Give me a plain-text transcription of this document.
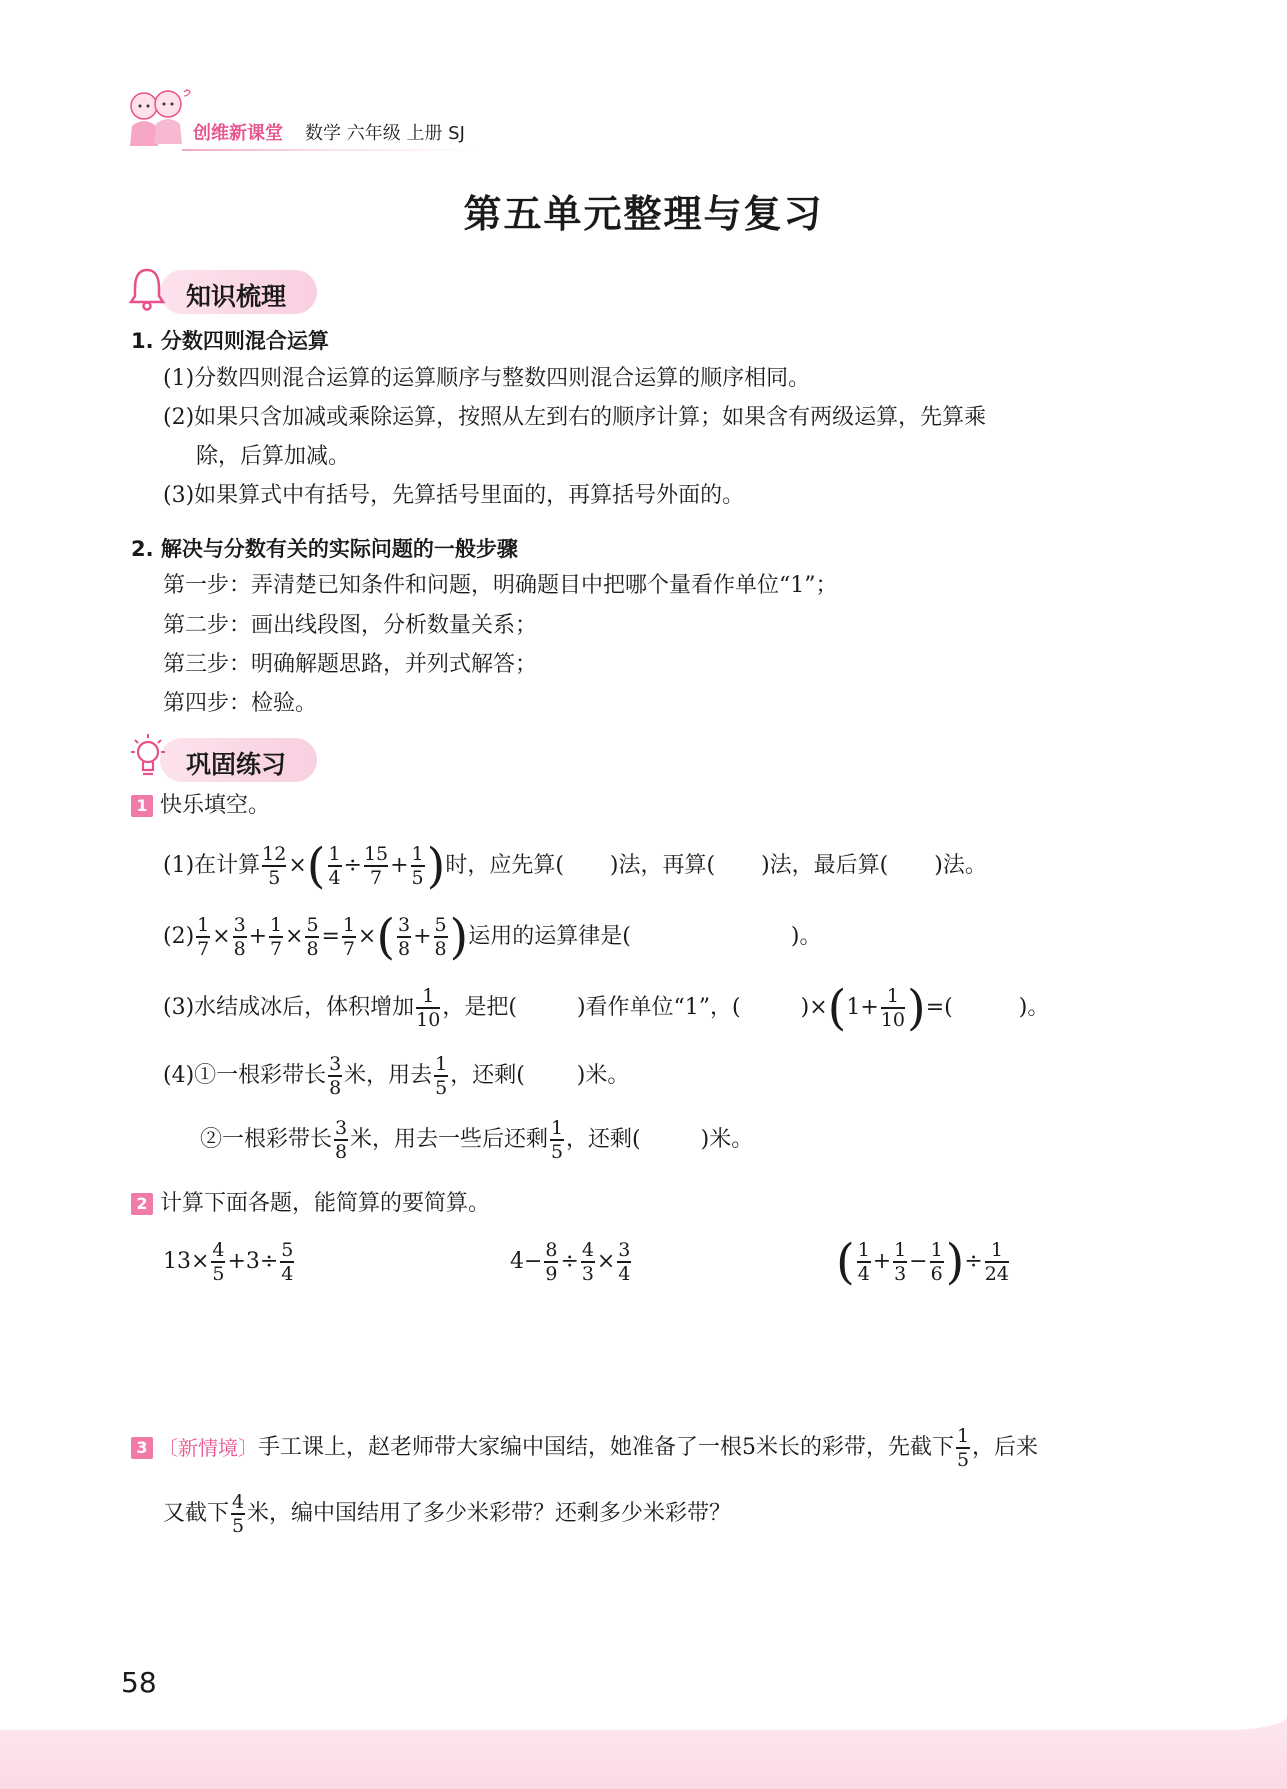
创维新课堂 数学 六年级 上册 SJ
第五单元整理与复习
知识梳理
1. 分数四则混合运算
(1)分数四则混合运算的运算顺序与整数四则混合运算的顺序相同。
(2)如果只含加减或乘除运算，按照从左到右的顺序计算；如果含有两级运算，先算乘
除，后算加减。
(3)如果算式中有括号，先算括号里面的，再算括号外面的。
2. 解决与分数有关的实际问题的一般步骤
第一步：弄清楚已知条件和问题，明确题目中把哪个量看作单位“1”；
第二步：画出线段图，分析数量关系；
第三步：明确解题思路，并列式解答；
第四步：检验。
巩固练习
1 快乐填空。
(1)在计算 $\frac{12}{5}$ × ( $\frac{1}{4} \div \frac{15}{7} + \frac{1}{5}$ ) 时，应先算( )法，再算( )法，最后算( )法。
$(2) \frac{1}{7} \times \frac{3}{8} + \frac{1}{7} \times \frac{5}{8} = \frac{1}{7}$ × ( $\frac{3}{8} + \frac{5}{8}$ ) 运用的运算律是(	)。
(3)水结成冰后，体积增加 $\frac{1}{10}$ ，是把(	)看作单位“1”，(	)× ( $1+ \frac{1}{10}$ ) =(	)。
(4)①一根彩带长 $\frac{3}{8}$ 米，用去 $\frac{1}{5}$ ，还剩( )米。
②一根彩带长 $\frac{3}{8}$ 米，用去一些后还剩 $\frac{1}{5}$ ，还剩(	)米。
2 计算下面各题，能简算的要简算。
$13\times \frac{4}{5} +3\div \frac{5}{4}$	$4- \frac{8}{9} \div \frac{4}{3} \times \frac{3}{4}$	( $\frac{1}{4} + \frac{1}{3} - \frac{1}{6}$ ) ÷ $\frac{1}{24}$
3 〔新情境〕 手工课上，赵老师带大家编中国结，她准备了一根5米长的彩带，先截下 $\frac{1}{5}$ ，后来
又截下 $\frac{4}{5}$ 米，编中国结用了多少米彩带？还剩多少米彩带？
58
